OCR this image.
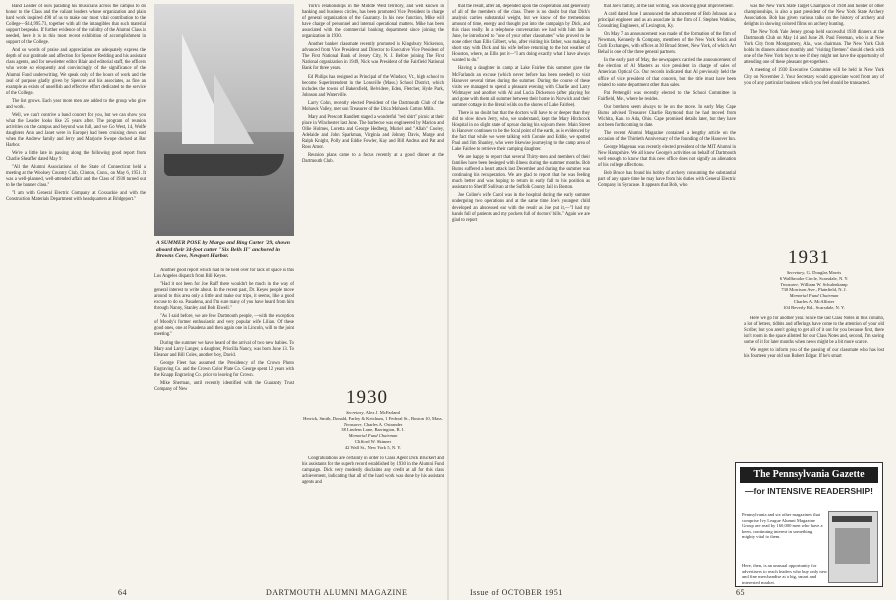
Band Leader of ours parading his musicians across the campus to do honor to the Class and the valiant leaders whose organization and plain hard work inspired 498 of us to make our most vital contribution to the College—$14,995.73, together with all the intangibles that such material support bespeaks. If further evidence of the validity of the Alumni Class is needed, here it is in this most recent exhibition of accomplishment in support of the College.

And so words of praise and appreciation are adequately express the depth of our gratitude and affection for Spencer Redding and his assistant class agents, and for newsletter editor Blair and editorial staff, the officers who wrote so eloquently and convincingly of the significance of the Alumni Fund underwriting. We speak only of the hours of work and the zeal of purpose gladly given by Spencer and his associates, as fine an example as exists of unselfish and effective effort dedicated to the service of the College.

The list grows. Each year more men are added to the group who give and work.

Well, we can't contrive a band concert for you, but we can show you what the Leader looks like 25 years after. The program of reunion activities on the campus and beyond was full, and we Go West, 14, Wolfe daughters Ann and Janet were in Europe) had been cruising down east when the Andrew family and Jerry and Marjorie Swope docked at Bar Harbor.

We're a little late in passing along the following good report from Charlie Sheaffer dated May 9:

"All the Alumni Associations of the State of Connecticut held a meeting at the Woolsey Country Club, Clinton, Conn., on May 6, 1951. It was a well-planned, well-attended affair and the Class of 1930 turned out to be the banner class."

"I am with General Electric Company at Coxsackie and with the Construction Materials Department with headquarters at Bridgeport."

A SUMMER POSE by Margo and Bing Carter '29, shown aboard their 34-foot cutter "Six Bells II" anchored in Browns Cove, Newport Harbor.

Another good report which had to be held over for lack of space is this Los Angeles dispatch from Bill Keyes.

"Had it not been for Joe Raff there wouldn't be much in the way of general interest to write about. In the recent past, Dr. Keyes people move around to this area only a little and make our trips, it seems, like a good excuse to do so. Pasadena, and I'm sure many of you have heard from him through Nanny, Stanley and Bob Elwell."

"As I said before, we are few Dartmouth people, —with the exception of Moody's former enthusiastic and very popular wife Lilian. Of these good ones, one at Pasadena and then again one in Lincoln, will to the joint meeting."

During the summer we have heard of the arrival of two new babies. To Mary and Larry Langer, a daughter, Priscilla Nancy, was born June 13. To Eleanor and Bill Coles, another boy, David.

George Fleet has assumed the Presidency of the Crown Photo Engraving Co. and the Crown Color Plate Co. George spent 12 years with the Knapp Engraving Co. prior to leaving for Crown.

Mike Sherman, until recently identified with the Guaranty Trust Company of New

York's relationships in the Middle West territory, and well known in banking and business circles, has been promoted Vice President in charge of general organization of the Guaranty. In his new function, Mike will have charge of personnel and internal operational matters. Mike has been associated with the commercial banking department since joining the organization in 1930.

Another banker classmate recently promoted is Kingsbury Nickerson, advanced from Vice President and Director to Executive Vice President of The First National Bank of Jersey City, N. J. Before joining The First National organization in 1949, Nick was President of the Fairfield National Bank for three years.

Ed Philips has resigned as Principal of the Windsor, Vt., high school to become Superintendent in the Lonsville (Mass.) School District, which includes the towns of Bakersfield, Belvidere, Eden, Fletcher, Hyde Park, Johnson and Waterville.

Larry Cohn, recently elected President of the Dartmouth Club of the Mohawk Valley, met son Treasurer of the Utica Mohawk Cotton Mills.

Mary and Prescott Randlett staged a wonderful "red shirt" picnic at their place in Winchester last June. The barbecue was engineered by Marion and Ollie Holmes, Loretta and George Hedberg, Muriel and "Allah" Cooley, Adelaide and John Sparkman, Virginia and Johnny Davis, Marge and Ralph Knight, Polly and Eddie Fowler, Kay and Bill Andrus and Pat and Ross Amor.

Reunion plans came to a focus recently at a good dinner at the Dartmouth Club.

1930
Secretary, Alex J. McFarland
Herrick, Smith, Donald, Farley & Ketchum, 1 Federal St., Boston 10, Mass.
Treasurer, Charles A. Ostrander
38 Lindens Lane, Barrington, R. I.
Memorial Fund Chairman
Clifford W. Skinner
42 Wall St., New York 5, N. Y.

Congratulations are certainly in order to Class Agent Dick Bruckert and his assistants for the superb record established by 1930 in the Alumni Fund campaign. Dick very modestly disclaims any credit at all for this class achievement, indicating that all of the hard work was done by his assistant agents and

64	DARTMOUTH ALUMNI MAGAZINE

that the result, after all, depended upon the cooperation and generosity of all of the members of the class. There is no doubt but that Dick's analysis carries substantial weight, but we know of the tremendous amount of time, energy and thought put into the campaign by Dick, and this class really. In a telephone conversation we had with him late in June, he introduced to "one of your other classmates" who proved to be none other than Ellis Gilbert, who, after visiting his father, was making a short stay with Dick and his wife before returning to the hot weather of Houston, where, as Ellis put it—"I am doing exactly what I have always wanted to do."

Having a daughter in camp at Lake Fairlee this summer gave the McFarlands an excuse (which never before has been needed) to visit Hanover several times during the summer. During the course of these visits we managed to spend a pleasant evening with Charlie and Larry Widmayer and another with Al and Lucia Dickerson (after playing for and gone with them all summer between their home in Norwich and their summer cottage in the literal wilds on the shores of Lake Fairlee).

There is no doubt but that the doctors will have to or deeper than they did to slow down Jerry, who, we understand, kept the Mary Hitchcock Hospital in no slight state of uproar during his sojourn there. Main Street in Hanover continues to be the focal point of the earth, as is evidenced by the fact that while we were talking with Connie and Eddie, we spotted Paul and Jim Shanley, who were likewise journeying to the camp area of Lake Fairlee to retrieve their camping daughter.

We are happy to report that several Thirty-men and members of their families have been besieged with illness during the summer months. Bob Burns suffered a heart attack last December and during the summer was continuing his recuperation. We are glad to report that he was feeling much better and was hoping to return in early fall to his position as assistant to Sheriff Sullivan at the Suffolk County Jail in Boston.

Joe Coline's wife Carol was in the hospital during the early summer undergoing two operations and at the same time Joe's youngest child developed an abscessed ear with the result as Joe put it,—"I had my hands full of patients and my pockets full of doctors' bills." Again we are glad to report

that Joe's family, at the last writing, was showing great improvement.

A card dated June 1 announced the advancement of Bob Johnson as a principal engineer and as an associate in the firm of J. Stephen Watkins, Consulting Engineers, of Lexington, Ky.

On May 7 an announcement was made of the formation of the firm of Newman, Kennedy & Company, members of the New York Stock and Curb Exchanges, with offices at 30 Broad Street, New York, of which Art Behal is one of the three general partners.

In the early part of May, the newspapers carried the announcement of the election of Al Masters as vice president in charge of sales of American Optical Co. Our records indicated that Al previously held the office of vice president of that concern, but the title must have been related to some department other than sales.

Pat Pettengill was recently elected to the School Committee in Fairfield, Me., where he resides.

Our brethren seem always to be on the move. In early May Cape Burns advised Treasurer Charlie Raymond that he had moved from Wichita, Kan. to Ada, Ohio. Cape promised details later, but they have not been forthcoming to date.

The recent Alumni Magazine contained a lengthy article on the occasion of the Thirtieth Anniversary of the founding of the Hanover Inn.

George Magenau was recently elected president of the MIT Alumni in New Hampshire. We all know George's activities on behalf of Dartmouth well enough to know that this new office does not signify an alienation of his college affections.

Bob Bruce has found his hobby of archery consuming the substantial part of any spare time he may have from his duties with General Electric Company in Syracuse. It appears that Bob, who

was the New York State Target Champion of 1948 and holder of other championships, is also a past president of the New York State Archery Association. Bob has given various talks on the history of archery and delights in showing colored films on archery hunting.

The New York Yale Jersey group held successful 1930 dinners at the Dartmouth Club on May 14 and June 28. Paul Freeman, who is at New York City from Montgomery, Ala., was chairman. The New York Club holds its dinners almost monthly and "visiting firemen" should check with one of the New York boys to see if they might not have the opportunity of attending one of these pleasant get-togethers.

A meeting of 1930 Executive Committee will be held in New York City on November 2. Your Secretary would appreciate word from any of you of any particular business which you feel should be transacted.

1931
Secretary, G. Douglas Morris
6 Wallbrooke Circle, Scarsdale, N. Y.
Treasurer, William W. Schulenkamp
730 Morrison Ave., Plainfield, N. J.
Memorial Fund Chairman
Charles A. McAllister
104 Beverly Rd., Scarsdale, N. Y.

Here we go for another year. Since the last Class Notes in this column, a lot of letters, tidbits and offerings have come to the attention of your old Scribe; but you aren't going to get all of it out for you because first, there isn't room in the space allotted for our Class Notes and, second, I'm saving some of it for later months when news might be a bit more scarce.

We regret to inform you of the passing of our classmate who has lost his fourteen year old son Robert Edgar. If he's smart

The Pennsylvania Gazette
—for INTENSIVE READERSHIP!
Pennsylvania and six other magazines that comprise Ivy League Alumni Magazine Group are read by 160,000 men who have a keen, continuing interest in something mighty vital to them.
Here, then, is an unusual opportunity for advertisers to reach leaders who buy only new and fine merchandise at a big, smart and interested market.
Issue of OCTOBER 1951	65
